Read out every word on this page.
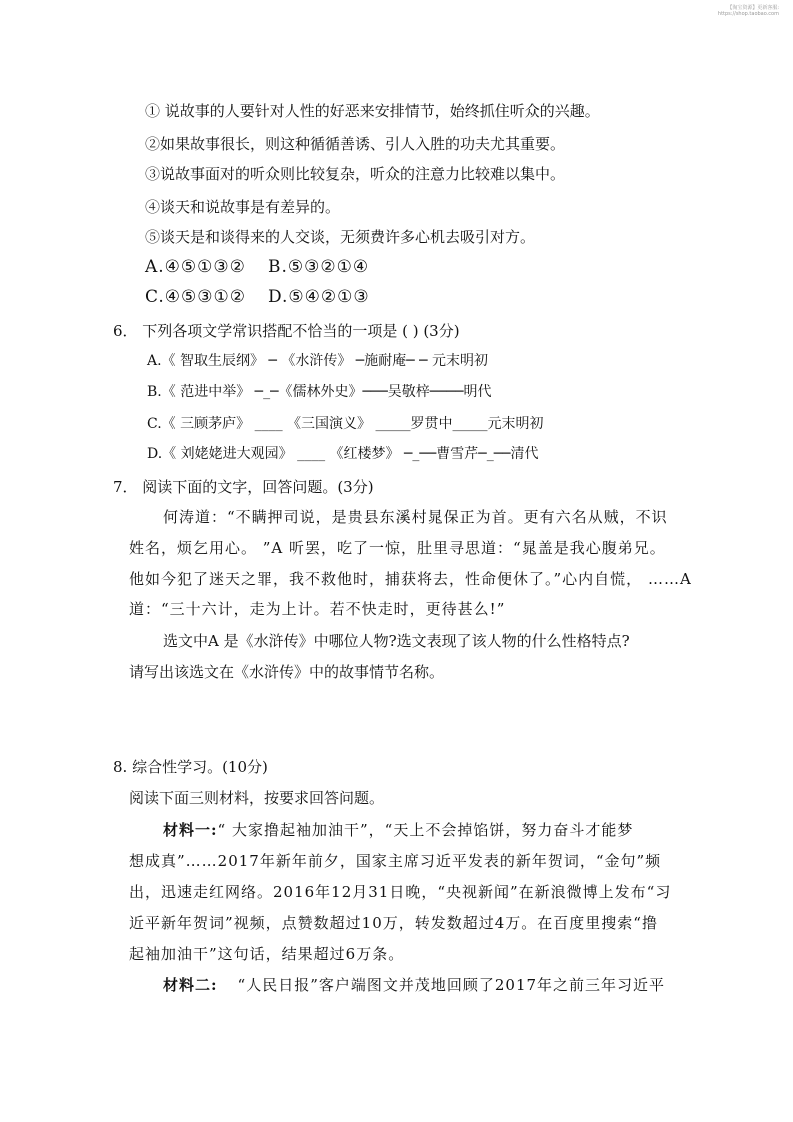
【淘宝资源】更新客服:
https://shop.taobao.com
① 说故事的人要针对人性的好恶来安排情节，始终抓住听众的兴趣。
②如果故事很长，则这种循循善诱、引人入胜的功夫尤其重要。
③说故事面对的听众则比较复杂，听众的注意力比较难以集中。
④谈天和说故事是有差异的。
⑤谈天是和谈得来的人交谈，无须费许多心机去吸引对方。
A.④⑤①③② B.⑤③②①④
C.④⑤③①② D.⑤④②①③
6． 下列各项文学常识搭配不恰当的一项是 ( ) (3分)
A.《 智取生辰纲》 ─ 《水浒传》 ─施耐庵─ ─ 元末明初
B.《 范进中举》 ─_─《儒林外史》───吴敬梓────明代
C.《 三顾茅庐》 ____ 《三国演义》 _____罗贯中_____元末明初
D.《 刘姥姥进大观园》 ____ 《红楼梦》 ─_──曹雪芹─_──清代
7． 阅读下面的文字，回答问题。(3分)
何涛道：“不瞒押司说，是贵县东溪村晁保正为首。更有六名从贼，不识
姓名，烦乞用心。 ”A 听罢，吃了一惊，肚里寻思道：“晁盖是我心腹弟兄。
他如今犯了迷天之罪，我不救他时，捕获将去，性命便休了。”心内自慌， ……A
道：“三十六计，走为上计。若不快走时，更待甚么!”
选文中A 是《水浒传》中哪位人物?选文表现了该人物的什么性格特点?
请写出该选文在《水浒传》中的故事情节名称。
8. 综合性学习。(10分)
阅读下面三则材料，按要求回答问题。
材料一:“ 大家撸起袖加油干”，“天上不会掉馅饼，努力奋斗才能梦
想成真”……2017年新年前夕，国家主席习近平发表的新年贺词，“金句”频
出，迅速走红网络。2016年12月31日晚，“央视新闻”在新浪微博上发布“习
近平新年贺词”视频，点赞数超过10万，转发数超过4万。在百度里搜索“撸
起袖加油干”这句话，结果超过6万条。
材料二: “人民日报”客户端图文并茂地回顾了2017年之前三年习近平
